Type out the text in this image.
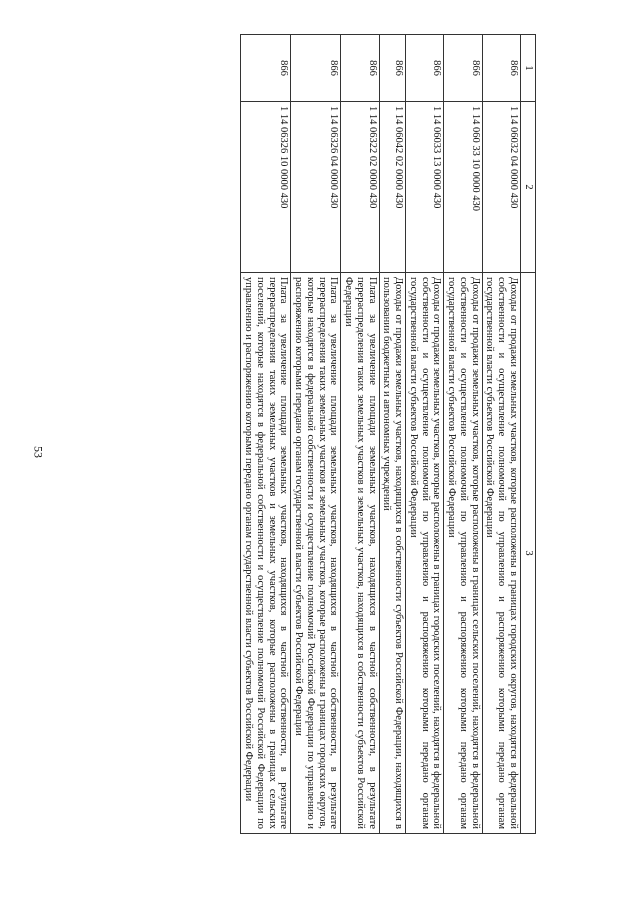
53
1	2	3
866	1 14 06032 04 0000 430	Доходы от продажи земельных участков, которые расположены в границах городских округов, находятся в федеральной собственности и осуществление полномочий по управлению и распоряжению которыми передано органам государственной власти субъектов Российской Федерации
866	1 14 060 33 10 0000 430	Доходы от продажи земельных участков, которые расположены в границах сельских поселений, находятся в федеральной собственности и осуществление полномочий по управлению и распоряжению которыми передано органам государственной власти субъектов Российской Федерации
866	1 14 06033 13 0000 430	Доходы от продажи земельных участков, которые расположены в границах городских поселений, находятся в федеральной собственности и осуществление полномочий по управлению и распоряжению которыми передано органам государственной власти субъектов Российской Федерации
866	1 14 06042 02 0000 430	Доходы от продажи земельных участков, находящихся в собственности субъектов Российской Федерации, находящихся в пользовании бюджетных и автономных учреждений
866	1 14 06322 02 0000 430	Плата за увеличение площади земельных участков, находящихся в частной собственности, в результате перераспределения таких земельных участков и земельных участков, находящихся в собственности субъектов Российской Федерации
866	1 14 06326 04 0000 430	Плата за увеличение площади земельных участков, находящихся в частной собственности, в результате перераспределения таких земельных участков и земельных участков, которые расположены в границах городских округов, которые находятся в федеральной собственности и осуществление полномочий Российской Федерации по управлению и распоряжению которыми передано органам государственной власти субъектов Российской Федерации
866	1 14 06326 10 0000 430	Плата за увеличение площади земельных участков, находящихся в частной собственности, в результате перераспределения таких земельных участков и земельных участков, которые расположены в границах сельских поселений, которые находятся в федеральной собственности и осуществление полномочий Российской Федерации по управлению и распоряжению которыми передано органам государственной власти субъектов Российской Федерации
